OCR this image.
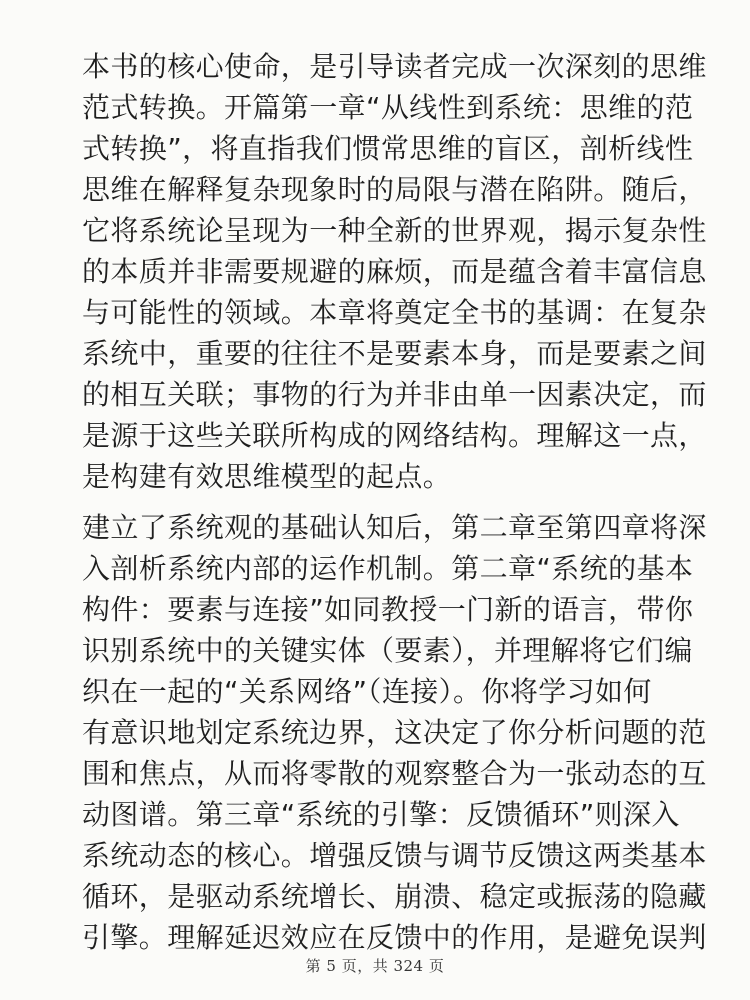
本书的核心使命，是引导读者完成一次深刻的思维
范式转换。开篇第一章“从线性到系统：思维的范
式转换”，将直指我们惯常思维的盲区，剖析线性
思维在解释复杂现象时的局限与潜在陷阱。随后，
它将系统论呈现为一种全新的世界观，揭示复杂性
的本质并非需要规避的麻烦，而是蕴含着丰富信息
与可能性的领域。本章将奠定全书的基调：在复杂
系统中，重要的往往不是要素本身，而是要素之间
的相互关联；事物的行为并非由单一因素决定，而
是源于这些关联所构成的网络结构。理解这一点，
是构建有效思维模型的起点。

建立了系统观的基础认知后，第二章至第四章将深
入剖析系统内部的运作机制。第二章“系统的基本
构件：要素与连接”如同教授一门新的语言，带你
识别系统中的关键实体（要素），并理解将它们编
织在一起的“关系网络”（连接）。你将学习如何
有意识地划定系统边界，这决定了你分析问题的范
围和焦点，从而将零散的观察整合为一张动态的互
动图谱。第三章“系统的引擎：反馈循环”则深入
系统动态的核心。增强反馈与调节反馈这两类基本
循环，是驱动系统增长、崩溃、稳定或振荡的隐藏
引擎。理解延迟效应在反馈中的作用，是避免误判

第 5 页，共 324 页
